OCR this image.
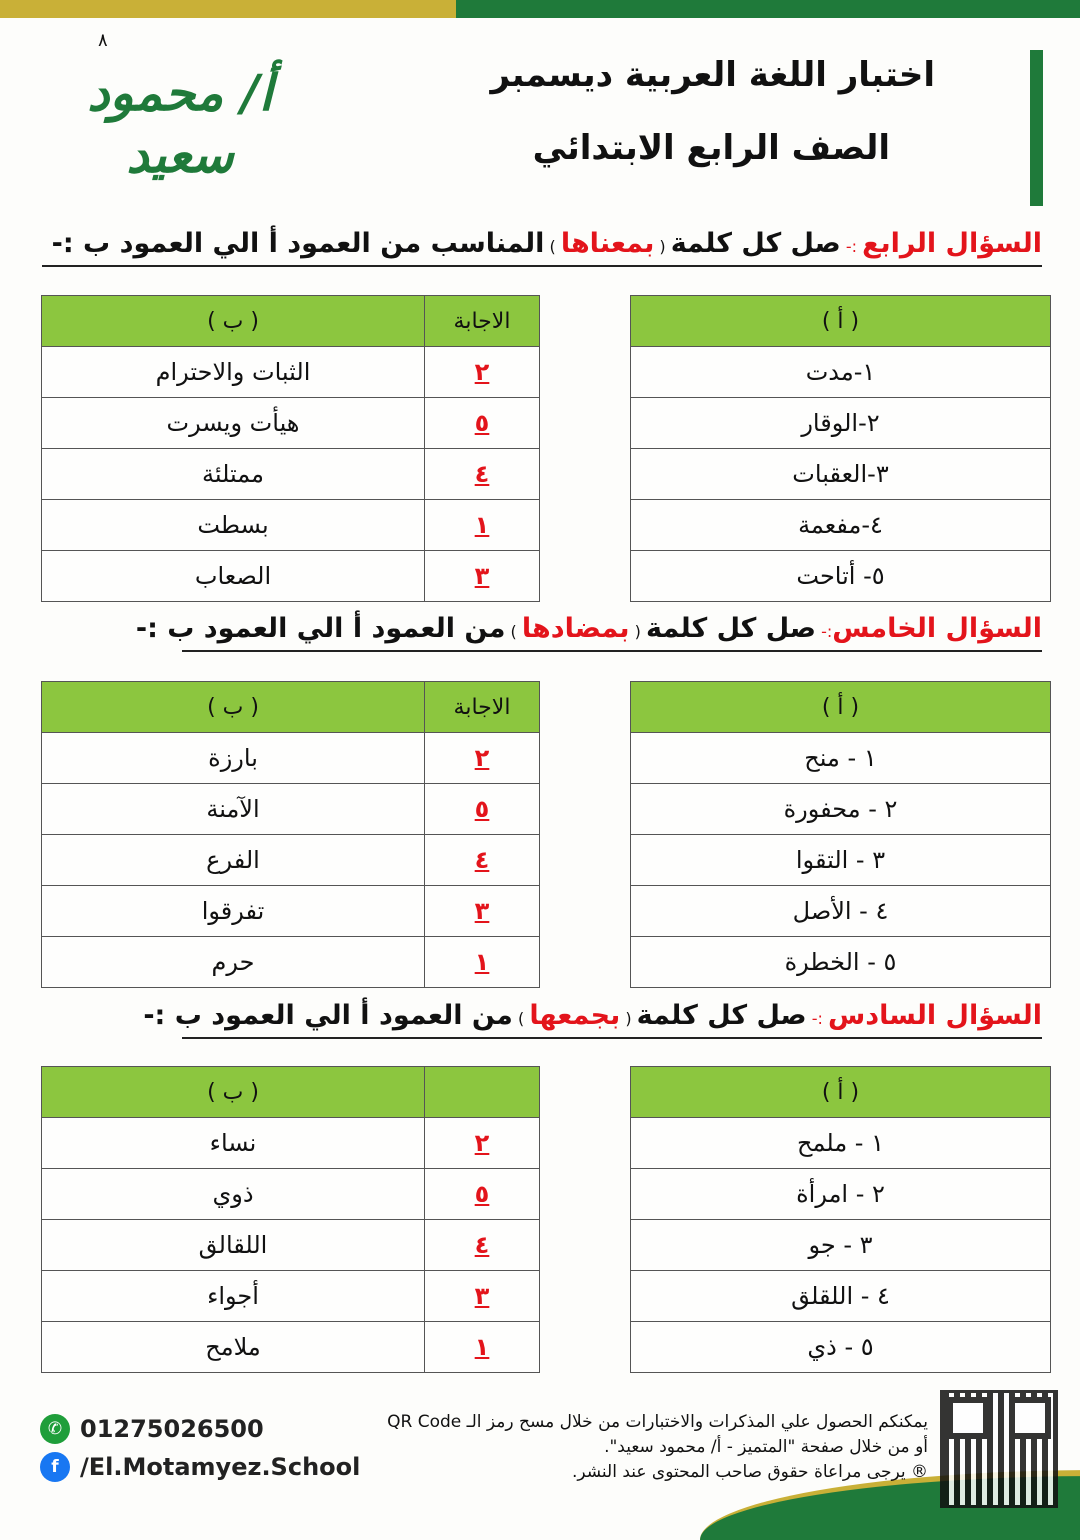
٨
أ/ محمود سعيد
اختبار اللغة العربية ديسمبر
الصف الرابع الابتدائي
السؤال الرابع :- صل كل كلمة ( بمعناها ) المناسب من العمود أ الي العمود ب :-
( أ )
١-مدت
٢-الوقار
٣-العقبات
٤-مفعمة
٥- أتاحت
الاجابة	( ب )
٢	الثبات والاحترام
٥	هيأت ويسرت
٤	ممتلئة
١	بسطت
٣	الصعاب
السؤال الخامس:- صل كل كلمة ( بمضادها ) من العمود أ الي العمود ب :-
( أ )
١ - منح
٢ - محفورة
٣ - التقوا
٤ - الأصل
٥ - الخطرة
الاجابة	( ب )
٢	بارزة
٥	الآمنة
٤	الفرع
٣	تفرقوا
١	حرم
السؤال السادس :- صل كل كلمة ( بجمعها ) من العمود أ الي العمود ب :-
( أ )
١ - ملمح
٢ - امرأة
٣ - جو
٤ - اللقلق
٥ - ذي
	( ب )
٢	نساء
٥	ذوي
٤	اللقالق
٣	أجواء
١	ملامح
✆ 01275026500
f /El.Motamyez.School
يمكنكم الحصول علي المذكرات والاختبارات من خلال مسح رمز الـ QR Code
أو من خلال صفحة "المتميز - أ/ محمود سعيد".
® يرجى مراعاة حقوق صاحب المحتوى عند النشر.
